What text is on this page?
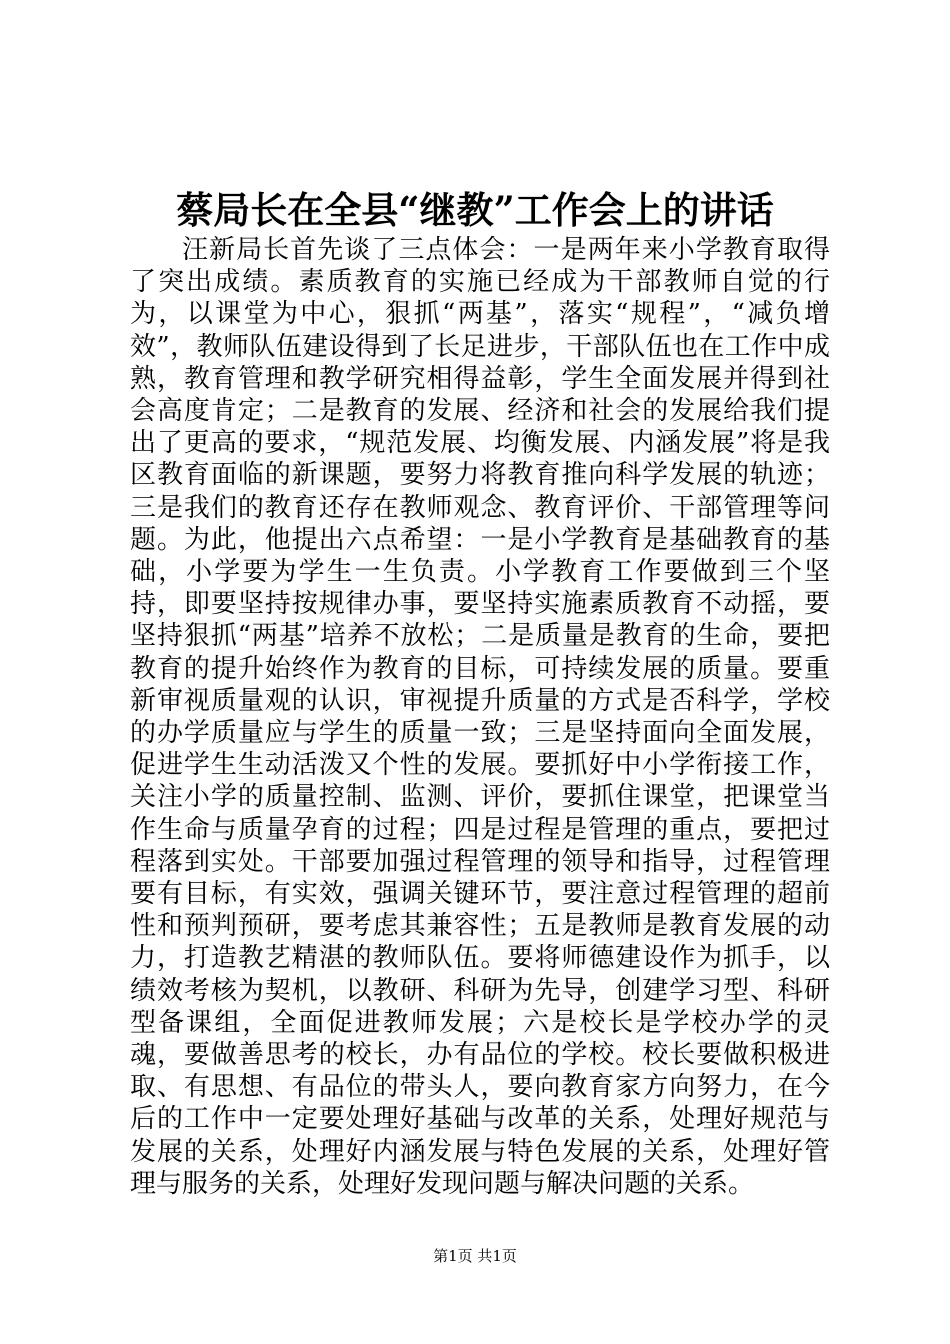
蔡局长在全县“继教”工作会上的讲话

汪新局长首先谈了三点体会：一是两年来小学教育取得了突出成绩。素质教育的实施已经成为干部教师自觉的行为，以课堂为中心，狠抓“两基”，落实“规程”，“减负增效”，教师队伍建设得到了长足进步，干部队伍也在工作中成熟，教育管理和教学研究相得益彰，学生全面发展并得到社会高度肯定；二是教育的发展、经济和社会的发展给我们提出了更高的要求，“规范发展、均衡发展、内涵发展”将是我区教育面临的新课题，要努力将教育推向科学发展的轨迹；三是我们的教育还存在教师观念、教育评价、干部管理等问题。为此，他提出六点希望：一是小学教育是基础教育的基础，小学要为学生一生负责。小学教育工作要做到三个坚持，即要坚持按规律办事，要坚持实施素质教育不动摇，要坚持狠抓“两基”培养不放松；二是质量是教育的生命，要把教育的提升始终作为教育的目标，可持续发展的质量。要重新审视质量观的认识，审视提升质量的方式是否科学，学校的办学质量应与学生的质量一致；三是坚持面向全面发展，促进学生生动活泼又个性的发展。要抓好中小学衔接工作，关注小学的质量控制、监测、评价，要抓住课堂，把课堂当作生命与质量孕育的过程；四是过程是管理的重点，要把过程落到实处。干部要加强过程管理的领导和指导，过程管理要有目标，有实效，强调关键环节，要注意过程管理的超前性和预判预研，要考虑其兼容性；五是教师是教育发展的动力，打造教艺精湛的教师队伍。要将师德建设作为抓手，以绩效考核为契机，以教研、科研为先导，创建学习型、科研型备课组，全面促进教师发展；六是校长是学校办学的灵魂，要做善思考的校长，办有品位的学校。校长要做积极进取、有思想、有品位的带头人，要向教育家方向努力，在今后的工作中一定要处理好基础与改革的关系，处理好规范与发展的关系，处理好内涵发展与特色发展的关系，处理好管理与服务的关系，处理好发现问题与解决问题的关系。

第1页 共1页
